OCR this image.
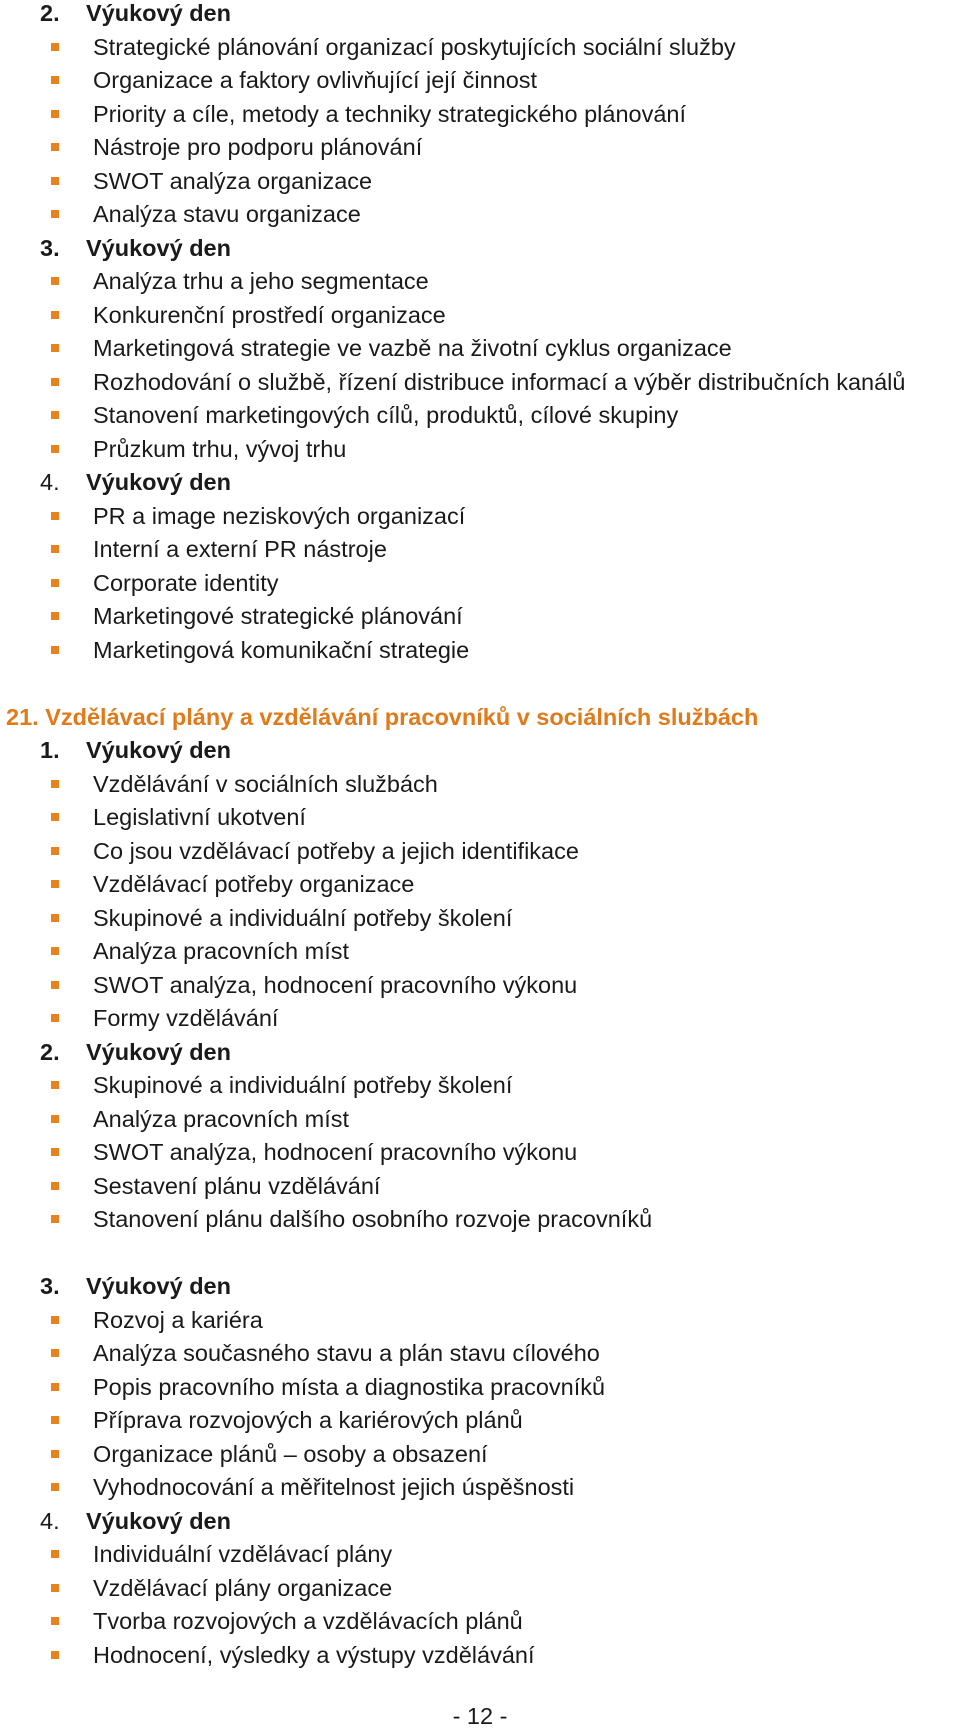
2. Výukový den
Strategické plánování organizací poskytujících sociální služby
Organizace a faktory ovlivňující její činnost
Priority a cíle, metody a techniky strategického plánování
Nástroje pro podporu plánování
SWOT analýza organizace
Analýza stavu organizace
3. Výukový den
Analýza trhu a jeho segmentace
Konkurenční prostředí organizace
Marketingová strategie ve vazbě na životní cyklus organizace
Rozhodování o službě, řízení distribuce informací a výběr distribučních kanálů
Stanovení marketingových cílů, produktů, cílové skupiny
Průzkum trhu, vývoj trhu
4. Výukový den
PR a image neziskových organizací
Interní a externí PR nástroje
Corporate identity
Marketingové strategické plánování
Marketingová komunikační strategie
21. Vzdělávací plány a vzdělávání pracovníků v sociálních službách
1. Výukový den
Vzdělávání v sociálních službách
Legislativní ukotvení
Co jsou vzdělávací potřeby a jejich identifikace
Vzdělávací potřeby organizace
Skupinové a individuální potřeby školení
Analýza pracovních míst
SWOT analýza, hodnocení pracovního výkonu
Formy vzdělávání
2. Výukový den
Skupinové a individuální potřeby školení
Analýza pracovních míst
SWOT analýza, hodnocení pracovního výkonu
Sestavení plánu vzdělávání
Stanovení plánu dalšího osobního rozvoje pracovníků
3. Výukový den
Rozvoj a kariéra
Analýza současného stavu a plán stavu cílového
Popis pracovního místa a diagnostika pracovníků
Příprava rozvojových a kariérových plánů
Organizace plánů – osoby a obsazení
Vyhodnocování a měřitelnost jejich úspěšnosti
4. Výukový den
Individuální vzdělávací plány
Vzdělávací plány organizace
Tvorba rozvojových a vzdělávacích plánů
Hodnocení, výsledky a výstupy vzdělávání
- 12 -
